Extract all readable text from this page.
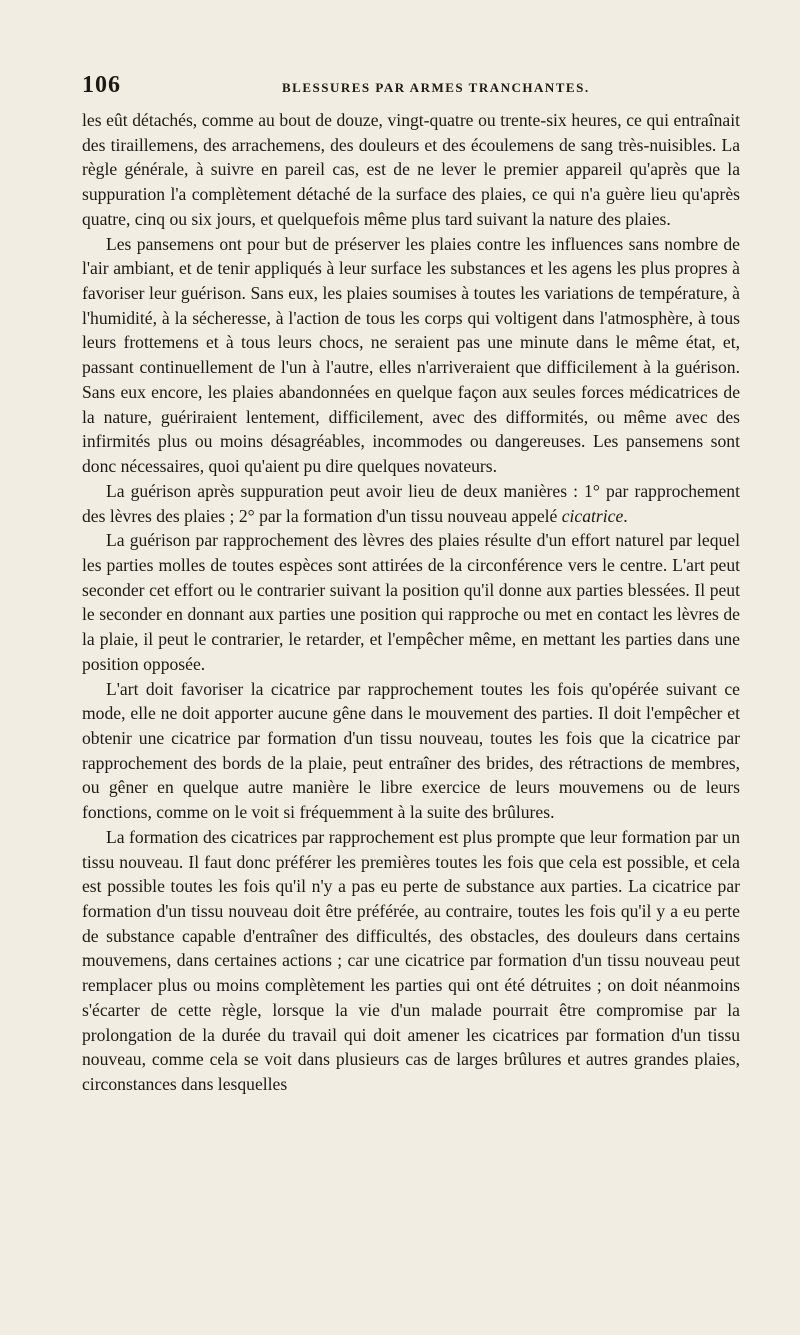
106	BLESSURES PAR ARMES TRANCHANTES.

les eût détachés, comme au bout de douze, vingt-quatre ou trente-six heures, ce qui entraînait des tiraillemens, des arrachemens, des douleurs et des écoulemens de sang très-nuisibles. La règle générale, à suivre en pareil cas, est de ne lever le premier appareil qu'après que la suppuration l'a complètement détaché de la surface des plaies, ce qui n'a guère lieu qu'après quatre, cinq ou six jours, et quelquefois même plus tard suivant la nature des plaies.

Les pansemens ont pour but de préserver les plaies contre les influences sans nombre de l'air ambiant, et de tenir appliqués à leur surface les substances et les agens les plus propres à favoriser leur guérison. Sans eux, les plaies soumises à toutes les variations de température, à l'humidité, à la sécheresse, à l'action de tous les corps qui voltigent dans l'atmosphère, à tous leurs frottemens et à tous leurs chocs, ne seraient pas une minute dans le même état, et, passant continuellement de l'un à l'autre, elles n'arriveraient que difficilement à la guérison. Sans eux encore, les plaies abandonnées en quelque façon aux seules forces médicatrices de la nature, guériraient lentement, difficilement, avec des difformités, ou même avec des infirmités plus ou moins désagréables, incommodes ou dangereuses. Les pansemens sont donc nécessaires, quoi qu'aient pu dire quelques novateurs.

La guérison après suppuration peut avoir lieu de deux manières : 1° par rapprochement des lèvres des plaies ; 2° par la formation d'un tissu nouveau appelé cicatrice.

La guérison par rapprochement des lèvres des plaies résulte d'un effort naturel par lequel les parties molles de toutes espèces sont attirées de la circonférence vers le centre. L'art peut seconder cet effort ou le contrarier suivant la position qu'il donne aux parties blessées. Il peut le seconder en donnant aux parties une position qui rapproche ou met en contact les lèvres de la plaie, il peut le contrarier, le retarder, et l'empêcher même, en mettant les parties dans une position opposée.

L'art doit favoriser la cicatrice par rapprochement toutes les fois qu'opérée suivant ce mode, elle ne doit apporter aucune gêne dans le mouvement des parties. Il doit l'empêcher et obtenir une cicatrice par formation d'un tissu nouveau, toutes les fois que la cicatrice par rapprochement des bords de la plaie, peut entraîner des brides, des rétractions de membres, ou gêner en quelque autre manière le libre exercice de leurs mouvemens ou de leurs fonctions, comme on le voit si fréquemment à la suite des brûlures.

La formation des cicatrices par rapprochement est plus prompte que leur formation par un tissu nouveau. Il faut donc préférer les premières toutes les fois que cela est possible, et cela est possible toutes les fois qu'il n'y a pas eu perte de substance aux parties. La cicatrice par formation d'un tissu nouveau doit être préférée, au contraire, toutes les fois qu'il y a eu perte de substance capable d'entraîner des difficultés, des obstacles, des douleurs dans certains mouvemens, dans certaines actions ; car une cicatrice par formation d'un tissu nouveau peut remplacer plus ou moins complètement les parties qui ont été détruites ; on doit néanmoins s'écarter de cette règle, lorsque la vie d'un malade pourrait être compromise par la prolongation de la durée du travail qui doit amener les cicatrices par formation d'un tissu nouveau, comme cela se voit dans plusieurs cas de larges brûlures et autres grandes plaies, circonstances dans lesquelles
